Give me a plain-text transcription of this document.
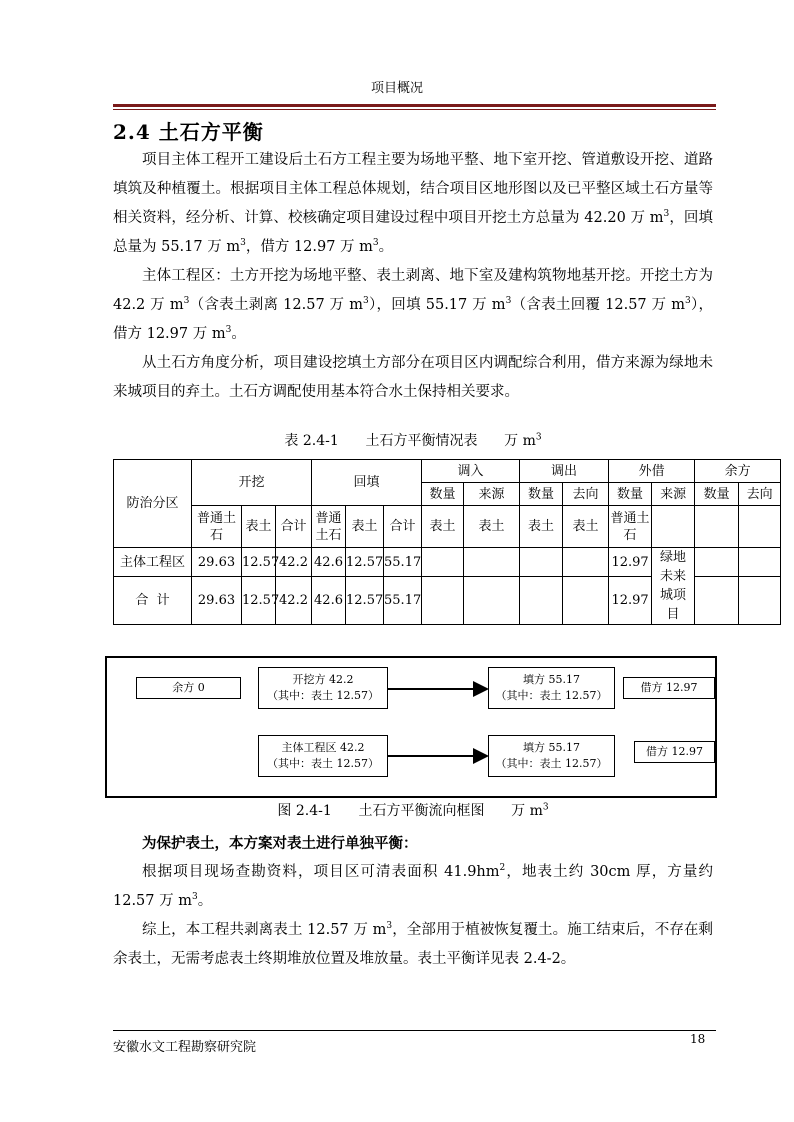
项目概况
2.4 土石方平衡

项目主体工程开工建设后土石方工程主要为场地平整、地下室开挖、管道敷设开挖、道路填筑及种植覆土。根据项目主体工程总体规划，结合项目区地形图以及已平整区域土石方量等相关资料，经分析、计算、校核确定项目建设过程中项目开挖土方总量为 42.20 万 $m^3$，回填总量为 55.17 万 $m^3$，借方 12.97 万 $m^3$。

主体工程区：土方开挖为场地平整、表土剥离、地下室及建构筑物地基开挖。开挖土方为 42.2 万 $m^3$（含表土剥离 12.57 万 $m^3$），回填 55.17 万 $m^3$（含表土回覆 12.57 万 $m^3$），借方 12.97 万 $m^3$。

从土石方角度分析，项目建设挖填土方部分在项目区内调配综合利用，借方来源为绿地未来城项目的弃土。土石方调配使用基本符合水土保持相关要求。

表 2.4-1      土石方平衡情况表      万 $m^3$
防治分区	开挖			回填			调入		调出		外借		余方	
							数量	来源	数量	去向	数量	来源	数量	去向
	普通土石	表土	合计	普通土石	表土	合计	表土	表土	表土	表土	普通土石			
主体工程区	29.63	12.57	42.2	42.6	12.57	55.17					12.97	绿地未来城项目		

合  计	29.63	12.57	42.2	42.6	12.57	55.17					12.97			
余方 0
开挖方 42.2
（其中：表土 12.57）
填方 55.17
（其中：表土 12.57）
借方 12.97
主体工程区 42.2
（其中：表土 12.57）
填方 55.17
（其中：表土 12.57）
借方 12.97
图 2.4-1      土石方平衡流向框图      万 $m^3$

为保护表土，本方案对表土进行单独平衡：

根据项目现场查勘资料，项目区可清表面积 $41.9hm^2$，地表土约 30cm 厚，方量约 12.57 万 $m^3$。

综上，本工程共剥离表土 12.57 万 $m^3$，全部用于植被恢复覆土。施工结束后，不存在剩余表土，无需考虑表土终期堆放位置及堆放量。表土平衡详见表 2.4-2。

安徽水文工程勘察研究院
18
